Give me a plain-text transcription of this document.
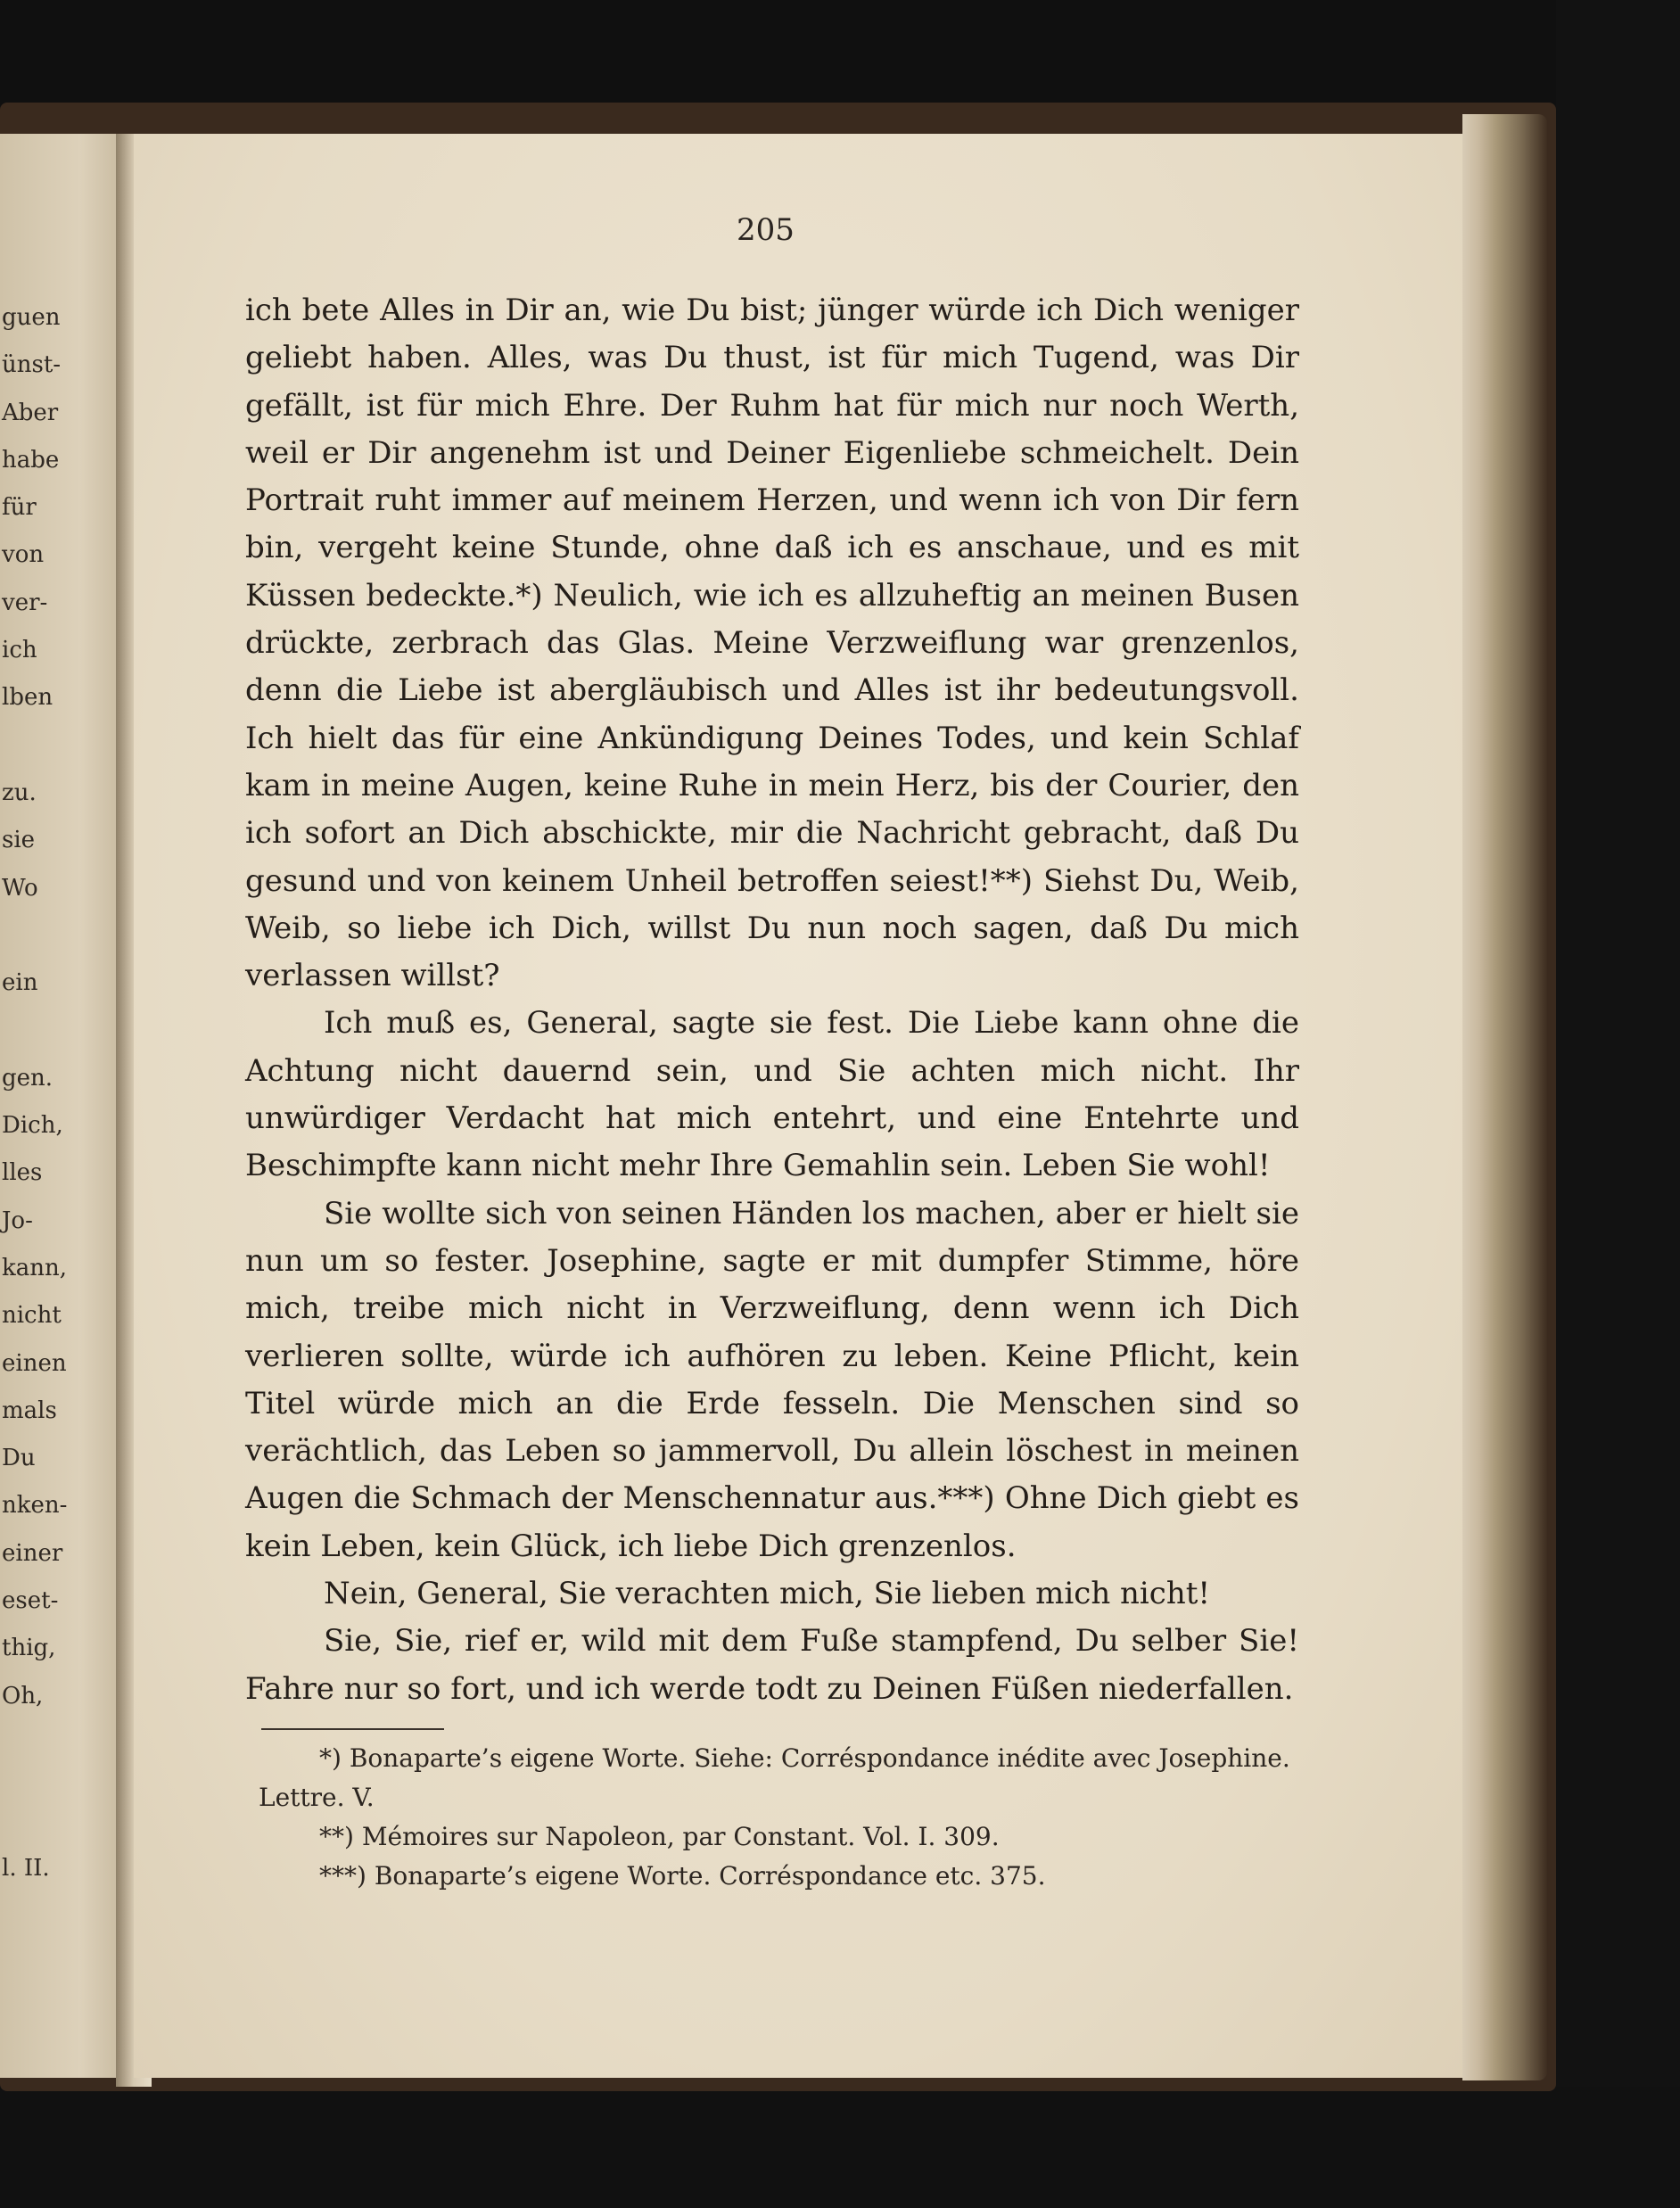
guen
ünst-
Aber
habe
für
von
ver-
ich
lben
zu.
sie
Wo
ein
gen.
Dich,
lles
Jo-
kann,
nicht
einen
mals
Du
nken-
einer
eset-
thig,
Oh,
l. II.
205

ich bete Alles in Dir an, wie Du bist; jünger würde ich Dich weniger geliebt haben. Alles, was Du thust, ist für mich Tugend, was Dir gefällt, ist für mich Ehre. Der Ruhm hat für mich nur noch Werth, weil er Dir angenehm ist und Deiner Eigenliebe schmeichelt. Dein Portrait ruht immer auf meinem Herzen, und wenn ich von Dir fern bin, vergeht keine Stunde, ohne daß ich es anschaue, und es mit Küssen bedeckte.*) Neulich, wie ich es allzuheftig an meinen Busen drückte, zerbrach das Glas. Meine Verzweiflung war grenzenlos, denn die Liebe ist abergläubisch und Alles ist ihr bedeutungsvoll. Ich hielt das für eine Ankündigung Deines Todes, und kein Schlaf kam in meine Augen, keine Ruhe in mein Herz, bis der Courier, den ich sofort an Dich abschickte, mir die Nachricht gebracht, daß Du gesund und von keinem Unheil betroffen seiest!**) Siehst Du, Weib, Weib, so liebe ich Dich, willst Du nun noch sagen, daß Du mich verlassen willst?

Ich muß es, General, sagte sie fest. Die Liebe kann ohne die Achtung nicht dauernd sein, und Sie achten mich nicht. Ihr unwürdiger Verdacht hat mich entehrt, und eine Entehrte und Beschimpfte kann nicht mehr Ihre Gemahlin sein. Leben Sie wohl!

Sie wollte sich von seinen Händen los machen, aber er hielt sie nun um so fester. Josephine, sagte er mit dumpfer Stimme, höre mich, treibe mich nicht in Verzweiflung, denn wenn ich Dich verlieren sollte, würde ich aufhören zu leben. Keine Pflicht, kein Titel würde mich an die Erde fesseln. Die Menschen sind so verächtlich, das Leben so jammervoll, Du allein löschest in meinen Augen die Schmach der Menschennatur aus.***) Ohne Dich giebt es kein Leben, kein Glück, ich liebe Dich grenzenlos.

Nein, General, Sie verachten mich, Sie lieben mich nicht!

Sie, Sie, rief er, wild mit dem Fuße stampfend, Du selber Sie! Fahre nur so fort, und ich werde todt zu Deinen Füßen niederfallen.

*) Bonaparte’s eigene Worte. Siehe: Corréspondance inédite avec Josephine. Lettre. V.

**) Mémoires sur Napoleon, par Constant. Vol. I. 309.

***) Bonaparte’s eigene Worte. Corréspondance etc. 375.
